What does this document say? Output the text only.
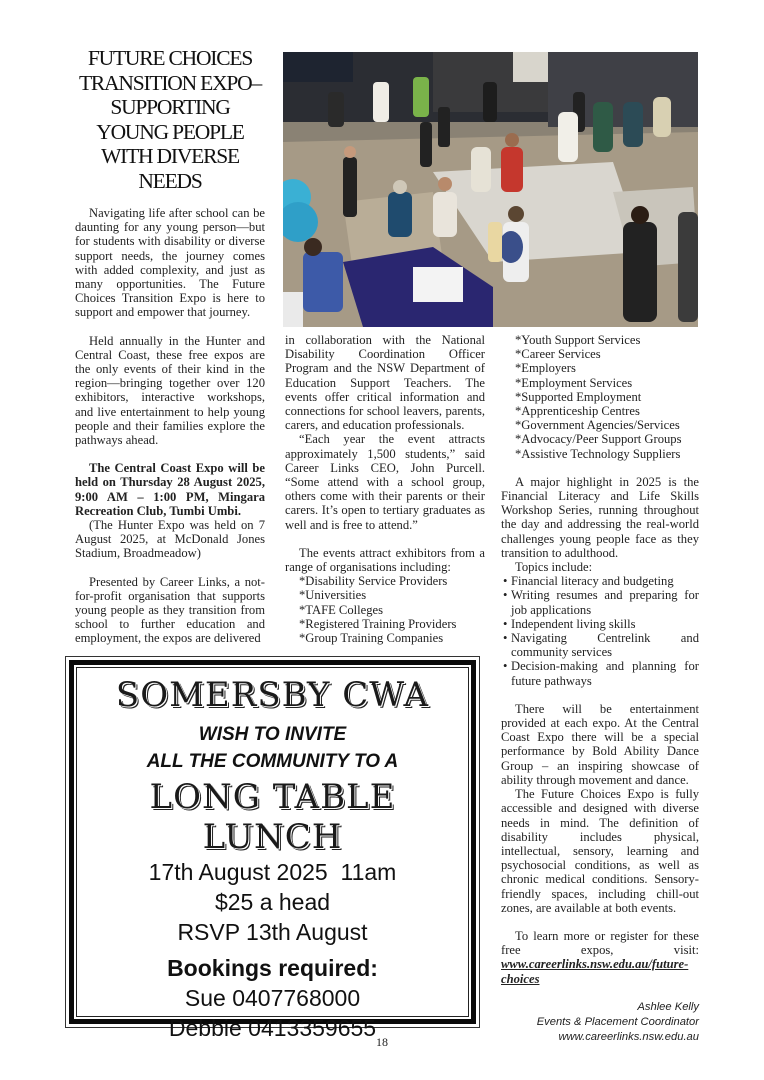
FUTURE CHOICES
TRANSITION EXPO–
SUPPORTING
YOUNG PEOPLE
WITH DIVERSE
NEEDS

Navigating life after school can be daunting for any young person—but for students with disability or diverse support needs, the journey comes with added complexity, and just as many opportunities. The Future Choices Transition Expo is here to support and empower that journey.

Held annually in the Hunter and Central Coast, these free expos are the only events of their kind in the region—bringing together over 120 exhibitors, interactive workshops, and live entertainment to help young people and their families explore the pathways ahead.

The Central Coast Expo will be held on Thursday 28 August 2025, 9:00 AM – 1:00 PM, Mingara Recreation Club, Tumbi Umbi.

(The Hunter Expo was held on 7 August 2025, at McDonald Jones Stadium, Broadmeadow)

Presented by Career Links, a not-for-profit organisation that supports young people as they transition from school to further education and employment, the expos are delivered

in collaboration with the National Disability Coordination Officer Program and the NSW Department of Education Support Teachers. The events offer critical information and connections for school leavers, parents, carers, and education professionals.

“Each year the event attracts approximately 1,500 students,” said Career Links CEO, John Purcell. “Some attend with a school group, others come with their parents or their carers. It’s open to tertiary graduates as well and is free to attend.”

The events attract exhibitors from a range of organisations including:

*Disability Service Providers
*Universities
*TAFE Colleges
*Registered Training Providers
*Group Training Companies
*Youth Support Services
*Career Services
*Employers
*Employment Services
*Supported Employment
*Apprenticeship Centres
*Government Agencies/Services
*Advocacy/Peer Support Groups
*Assistive Technology Suppliers

A major highlight in 2025 is the Financial Literacy and Life Skills Workshop Series, running throughout the day and addressing the real-world challenges young people face as they transition to adulthood.

Topics include:

• Financial literacy and budgeting
• Writing resumes and preparing for job applications
• Independent living skills
• Navigating Centrelink and community services
• Decision-making and planning for future pathways

There will be entertainment provided at each expo. At the Central Coast Expo there will be a special performance by Bold Ability Dance Group – an inspiring showcase of ability through movement and dance.

The Future Choices Expo is fully accessible and designed with diverse needs in mind. The definition of disability includes physical, intellectual, sensory, learning and psychosocial conditions, as well as chronic medical conditions. Sensory-friendly spaces, including chill-out zones, are available at both events.

To learn more or register for these free expos, visit: www.careerlinks.nsw.edu.au/future-choices

Ashlee Kelly
Events & Placement Coordinator
www.careerlinks.nsw.edu.au
SOMERSBY CWA
WISH TO INVITE
ALL THE COMMUNITY TO A
LONG TABLE LUNCH
17th August 2025  11am
$25 a head
RSVP 13th August
Bookings required:
Sue 0407768000
Debbie 0413359655
18
